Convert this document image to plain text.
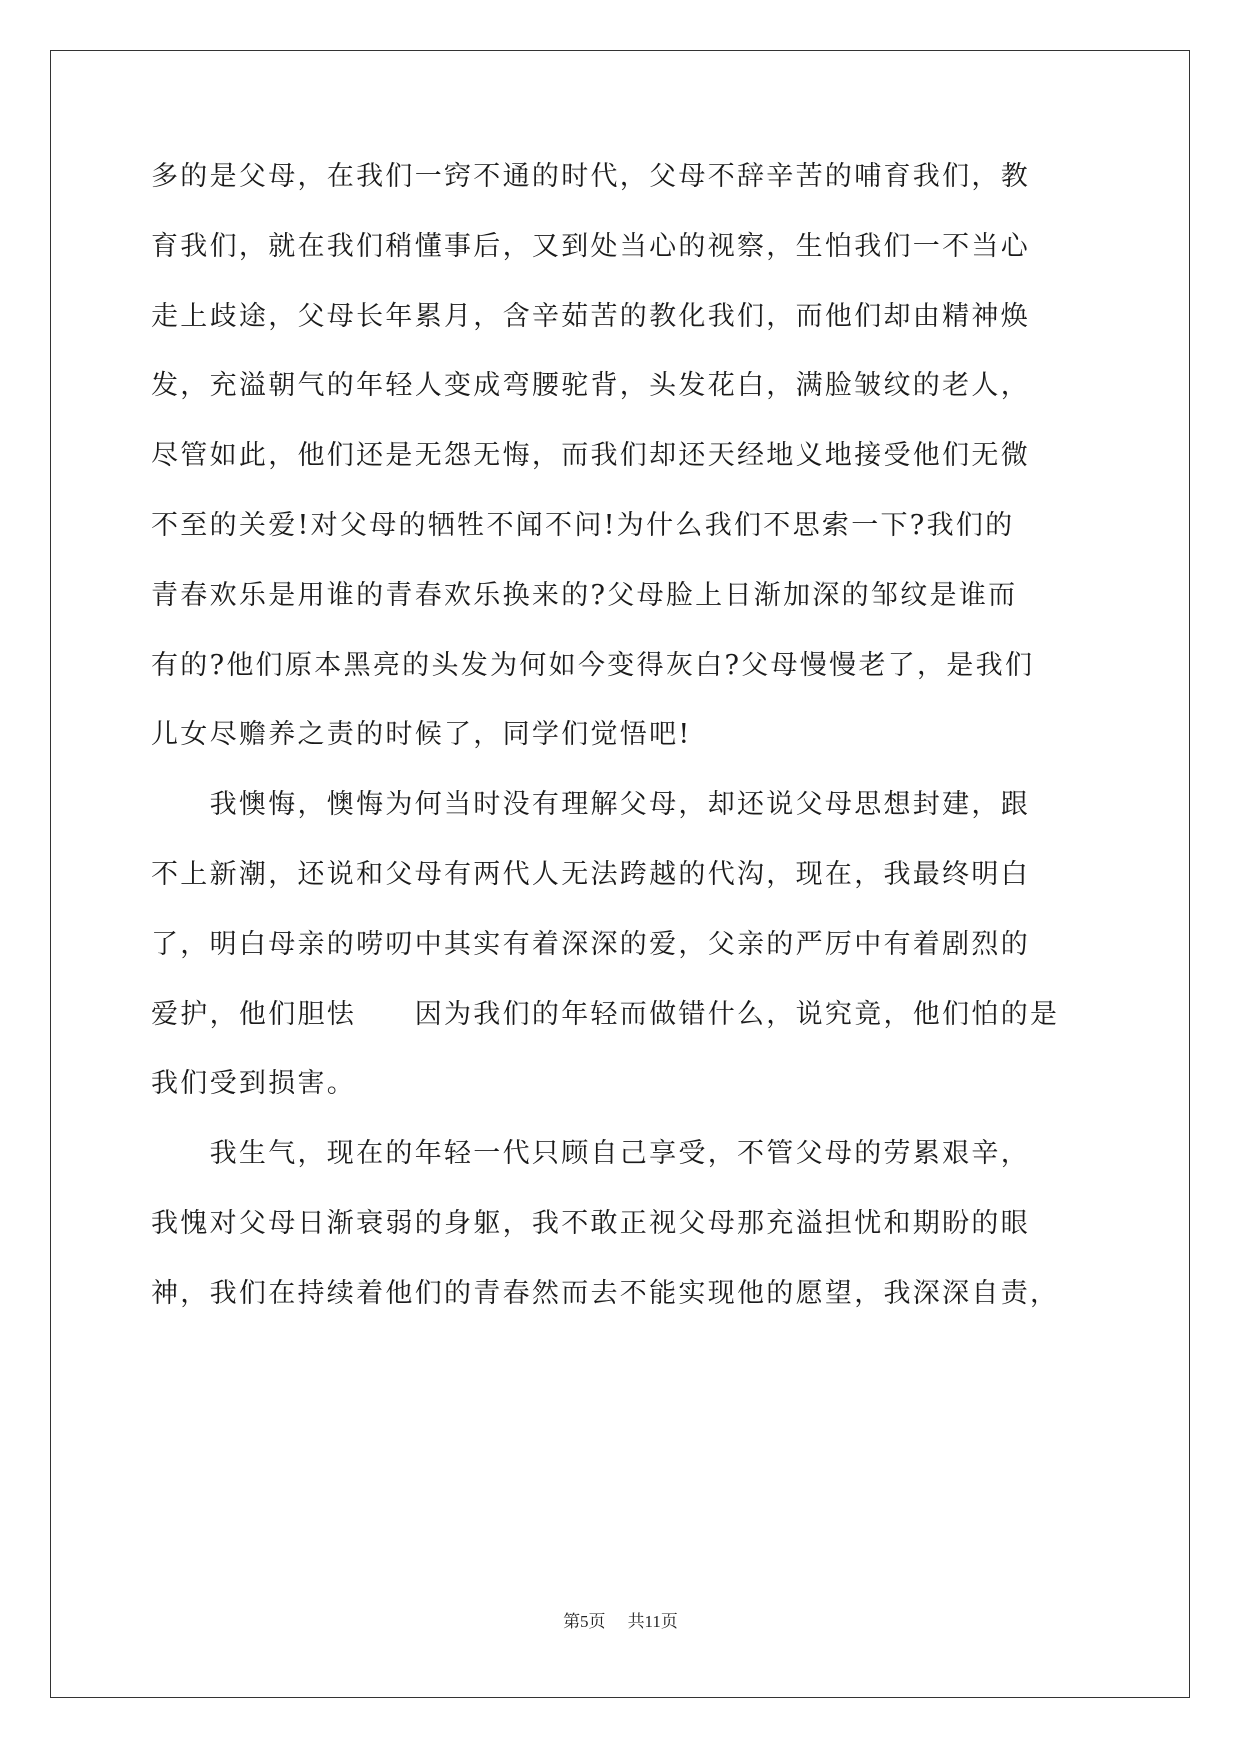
多的是父母，在我们一窍不通的时代，父母不辞辛苦的哺育我们，教
育我们，就在我们稍懂事后，又到处当心的视察，生怕我们一不当心
走上歧途，父母长年累月，含辛茹苦的教化我们，而他们却由精神焕
发，充溢朝气的年轻人变成弯腰驼背，头发花白，满脸皱纹的老人，
尽管如此，他们还是无怨无悔，而我们却还天经地义地接受他们无微
不至的关爱!对父母的牺牲不闻不问!为什么我们不思索一下?我们的
青春欢乐是用谁的青春欢乐换来的?父母脸上日渐加深的邹纹是谁而
有的?他们原本黑亮的头发为何如今变得灰白?父母慢慢老了，是我们
儿女尽赡养之责的时候了，同学们觉悟吧!
　　我懊悔，懊悔为何当时没有理解父母，却还说父母思想封建，跟
不上新潮，还说和父母有两代人无法跨越的代沟，现在，我最终明白
了，明白母亲的唠叨中其实有着深深的爱，父亲的严厉中有着剧烈的
爱护，他们胆怯　　因为我们的年轻而做错什么，说究竟，他们怕的是
我们受到损害。
　　我生气，现在的年轻一代只顾自己享受，不管父母的劳累艰辛，
我愧对父母日渐衰弱的身躯，我不敢正视父母那充溢担忧和期盼的眼
神，我们在持续着他们的青春然而去不能实现他的愿望，我深深自责，
第5页 共11页
